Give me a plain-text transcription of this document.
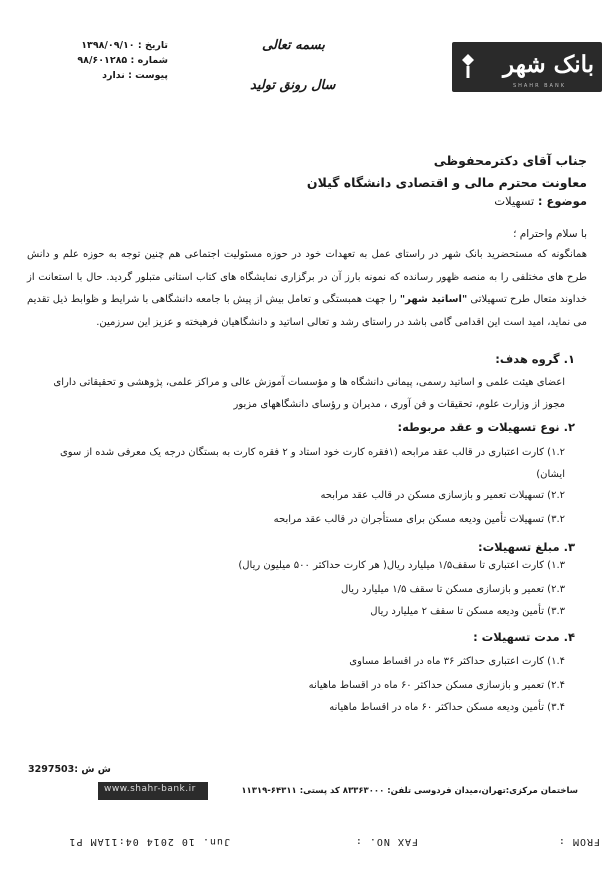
تاریخ : ۱۳۹۸/۰۹/۱۰
شماره : ۹۸/۶۰۱۲۸۵
پیوست : ندارد
بسمه تعالی
سال رونق تولید
بانک شهر
SHAHR BANK
جناب آقای دکترمحفوظی
معاونت محترم مالی و اقتصادی دانشگاه گیلان
موضوع : تسهیلات
با سلام واحترام ؛
همانگونه که مستحضرید بانک شهر در راستای عمل به تعهدات خود در حوزه مسئولیت اجتماعی هم چنین توجه به حوزه علم و دانش طرح های مختلفی را به منصه ظهور رسانده که نمونه بارز آن در برگزاری نمایشگاه های کتاب استانی متبلور گردید. حال با استعانت از خداوند متعال طرح تسهیلاتی "اساتید شهر" را جهت همبستگی و تعامل بیش از پیش با جامعه دانشگاهی با شرایط و ظوابط ذیل تقدیم می نماید، امید است این اقدامی گامی باشد در راستای رشد و تعالی اساتید و دانشگاهیان فرهیخته و عزیز این سرزمین.
۱. گروه هدف:
اعضای هیئت علمی و اساتید رسمی، پیمانی دانشگاه ها و مؤسسات آموزش عالی و مراکز علمی، پژوهشی و تحقیقاتی دارای مجوز از وزارت علوم، تحقیقات و فن آوری ، مدیران و رؤسای دانشگاههای مزبور
۲. نوع تسهیلات و عقد مربوطه:
۱.۲) کارت اعتباری در قالب عقد مرابحه (۱فقره کارت خود استاد و ۲ فقره کارت به بستگان درجه یک معرفی شده از سوی ایشان)
۲.۲) تسهیلات تعمیر و بازسازی مسکن در قالب عقد مرابحه
۳.۲) تسهیلات تأمین ودیعه مسکن برای مستأجران در قالب عقد مرابحه
۳. مبلغ تسهیلات:
۱.۳) کارت اعتباری تا سقف۱/۵ میلیارد ریال( هر کارت حداکثر ۵۰۰ میلیون ریال)
۲.۳) تعمیر و بازسازی مسکن تا سقف ۱/۵ میلیارد ریال
۳.۳) تأمین ودیعه مسکن تا سقف ۲ میلیارد ریال
۴. مدت تسهیلات :
۱.۴) کارت اعتباری حداکثر ۳۶ ماه در اقساط مساوی
۲.۴) تعمیر و بازسازی مسکن حداکثر ۶۰ ماه در اقساط ماهیانه
۳.۴) تأمین ودیعه مسکن حداکثر ۶۰ ماه در اقساط ماهیانه
ش ش :3297503
www.shahr-bank.ir	ساختمان مرکزی:تهران،میدان فردوسی تلفن: ۸۳۳۶۳۰۰۰ کد پستی: ۶۴۳۱۱-۱۱۳۱۹
FROM :
FAX NO. :
Jun. 10 2014 04:11AM P1
